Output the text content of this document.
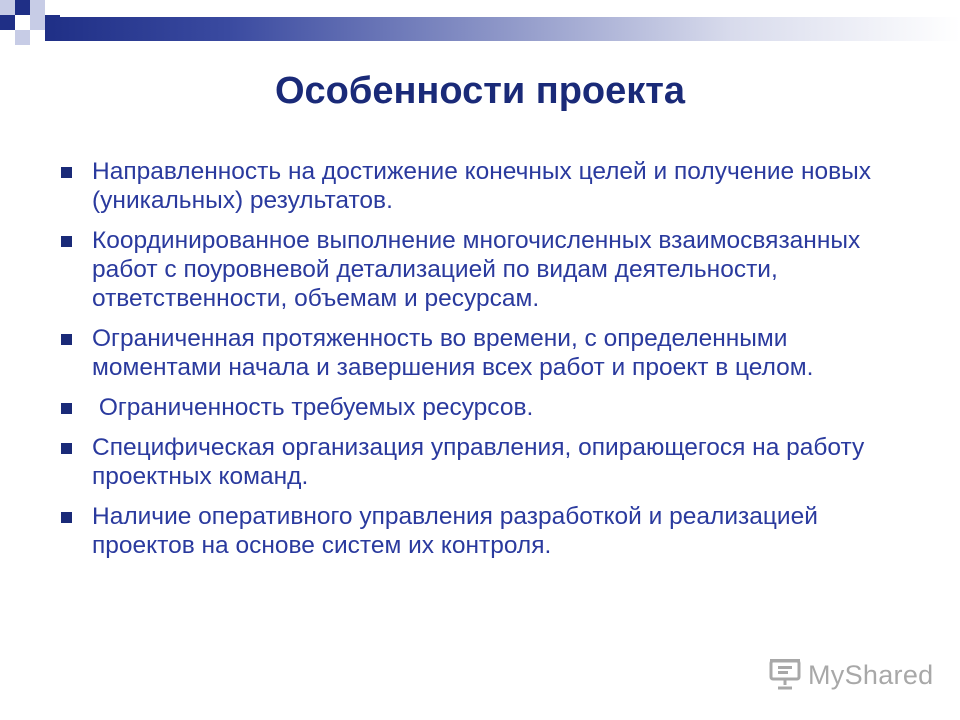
Особенности проекта
Направленность на достижение конечных целей и получение новых (уникальных) результатов.
Координированное выполнение многочисленных взаимосвязанных работ с поуровневой детализацией по видам деятельности, ответственности, объемам и ресурсам.
Ограниченная протяженность во времени, с определенными моментами начала и завершения всех работ и проект в целом.
Ограниченность требуемых ресурсов.
Специфическая организация управления, опирающегося на работу проектных команд.
Наличие оперативного управления разработкой и реализацией проектов на основе систем их контроля.
MyShared
